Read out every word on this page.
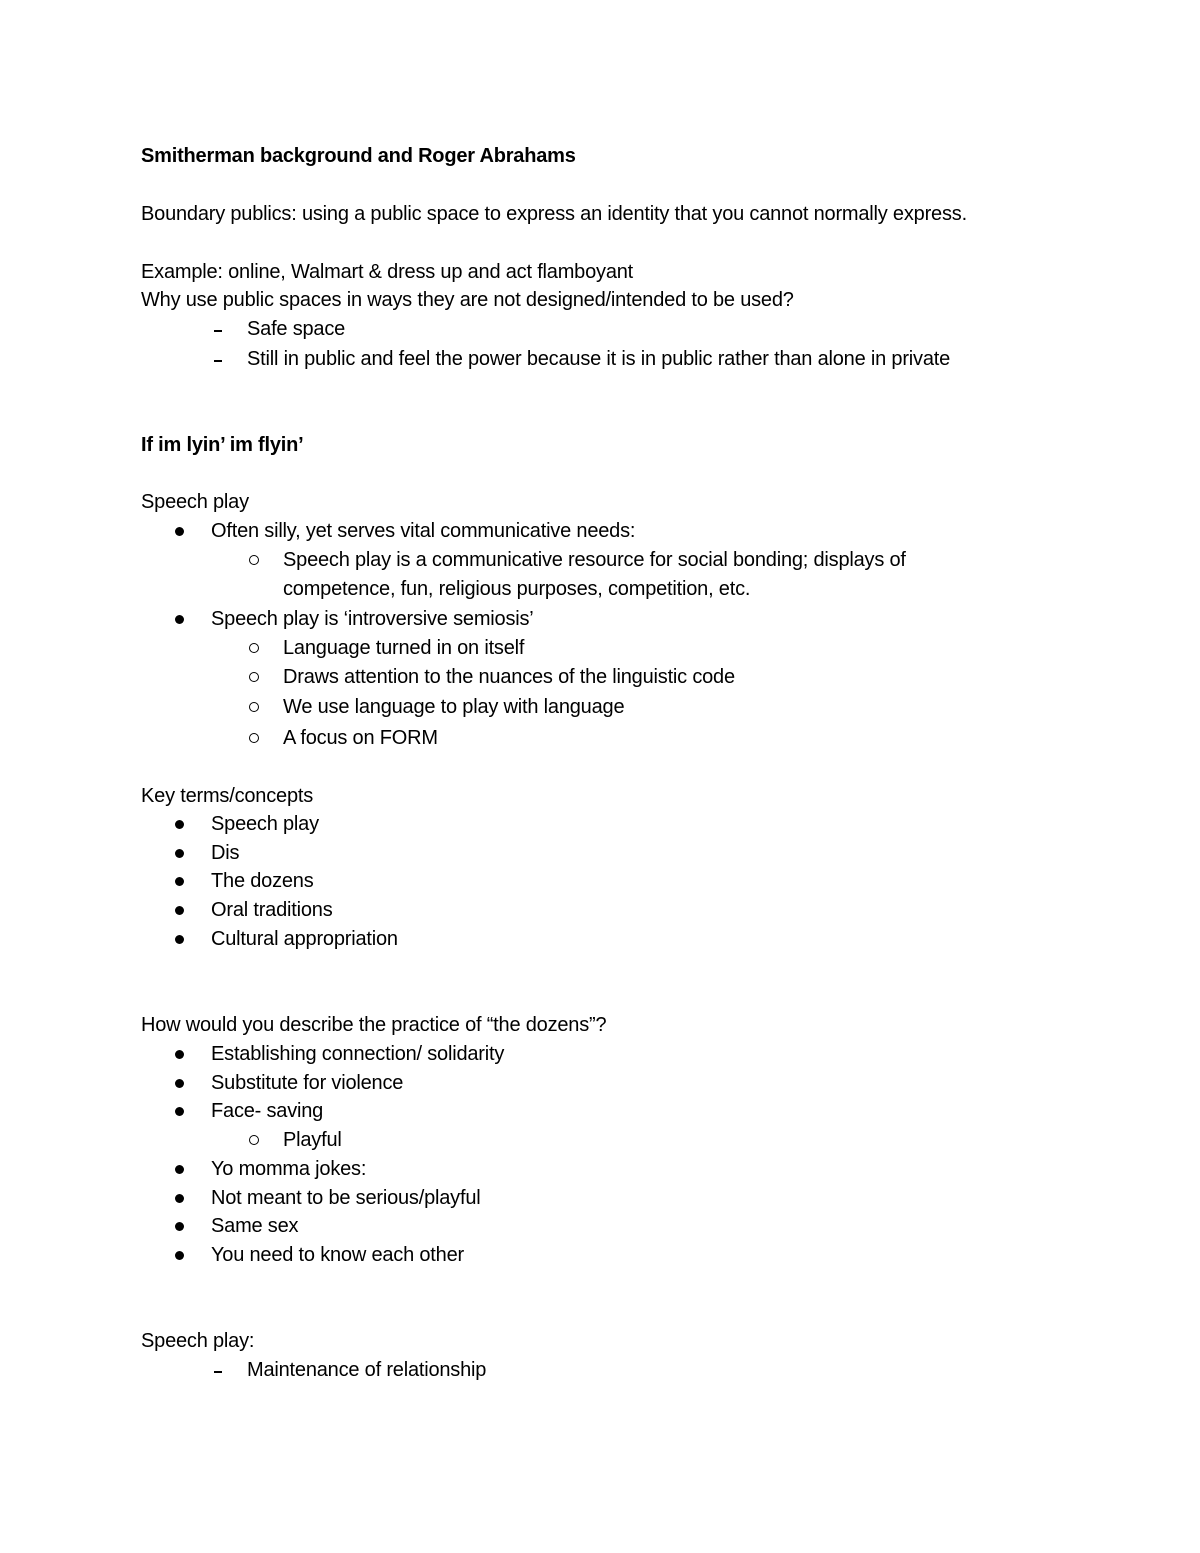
Smitherman background and Roger Abrahams
Boundary publics: using a public space to express an identity that you cannot normally express.
Example: online, Walmart & dress up and act flamboyant
Why use public spaces in ways they are not designed/intended to be used?
Safe space
Still in public and feel the power because it is in public rather than alone in private
If im lyin’ im flyin’
Speech play
Often silly, yet serves vital communicative needs:
Speech play is a communicative resource for social bonding; displays of
competence, fun, religious purposes, competition, etc.
Speech play is ‘introversive semiosis’
Language turned in on itself
Draws attention to the nuances of the linguistic code
We use language to play with language
A focus on FORM
Key terms/concepts
Speech play
Dis
The dozens
Oral traditions
Cultural appropriation
How would you describe the practice of “the dozens”?
Establishing connection/ solidarity
Substitute for violence
Face- saving
Playful
Yo momma jokes:
Not meant to be serious/playful
Same sex
You need to know each other
Speech play:
Maintenance of relationship
